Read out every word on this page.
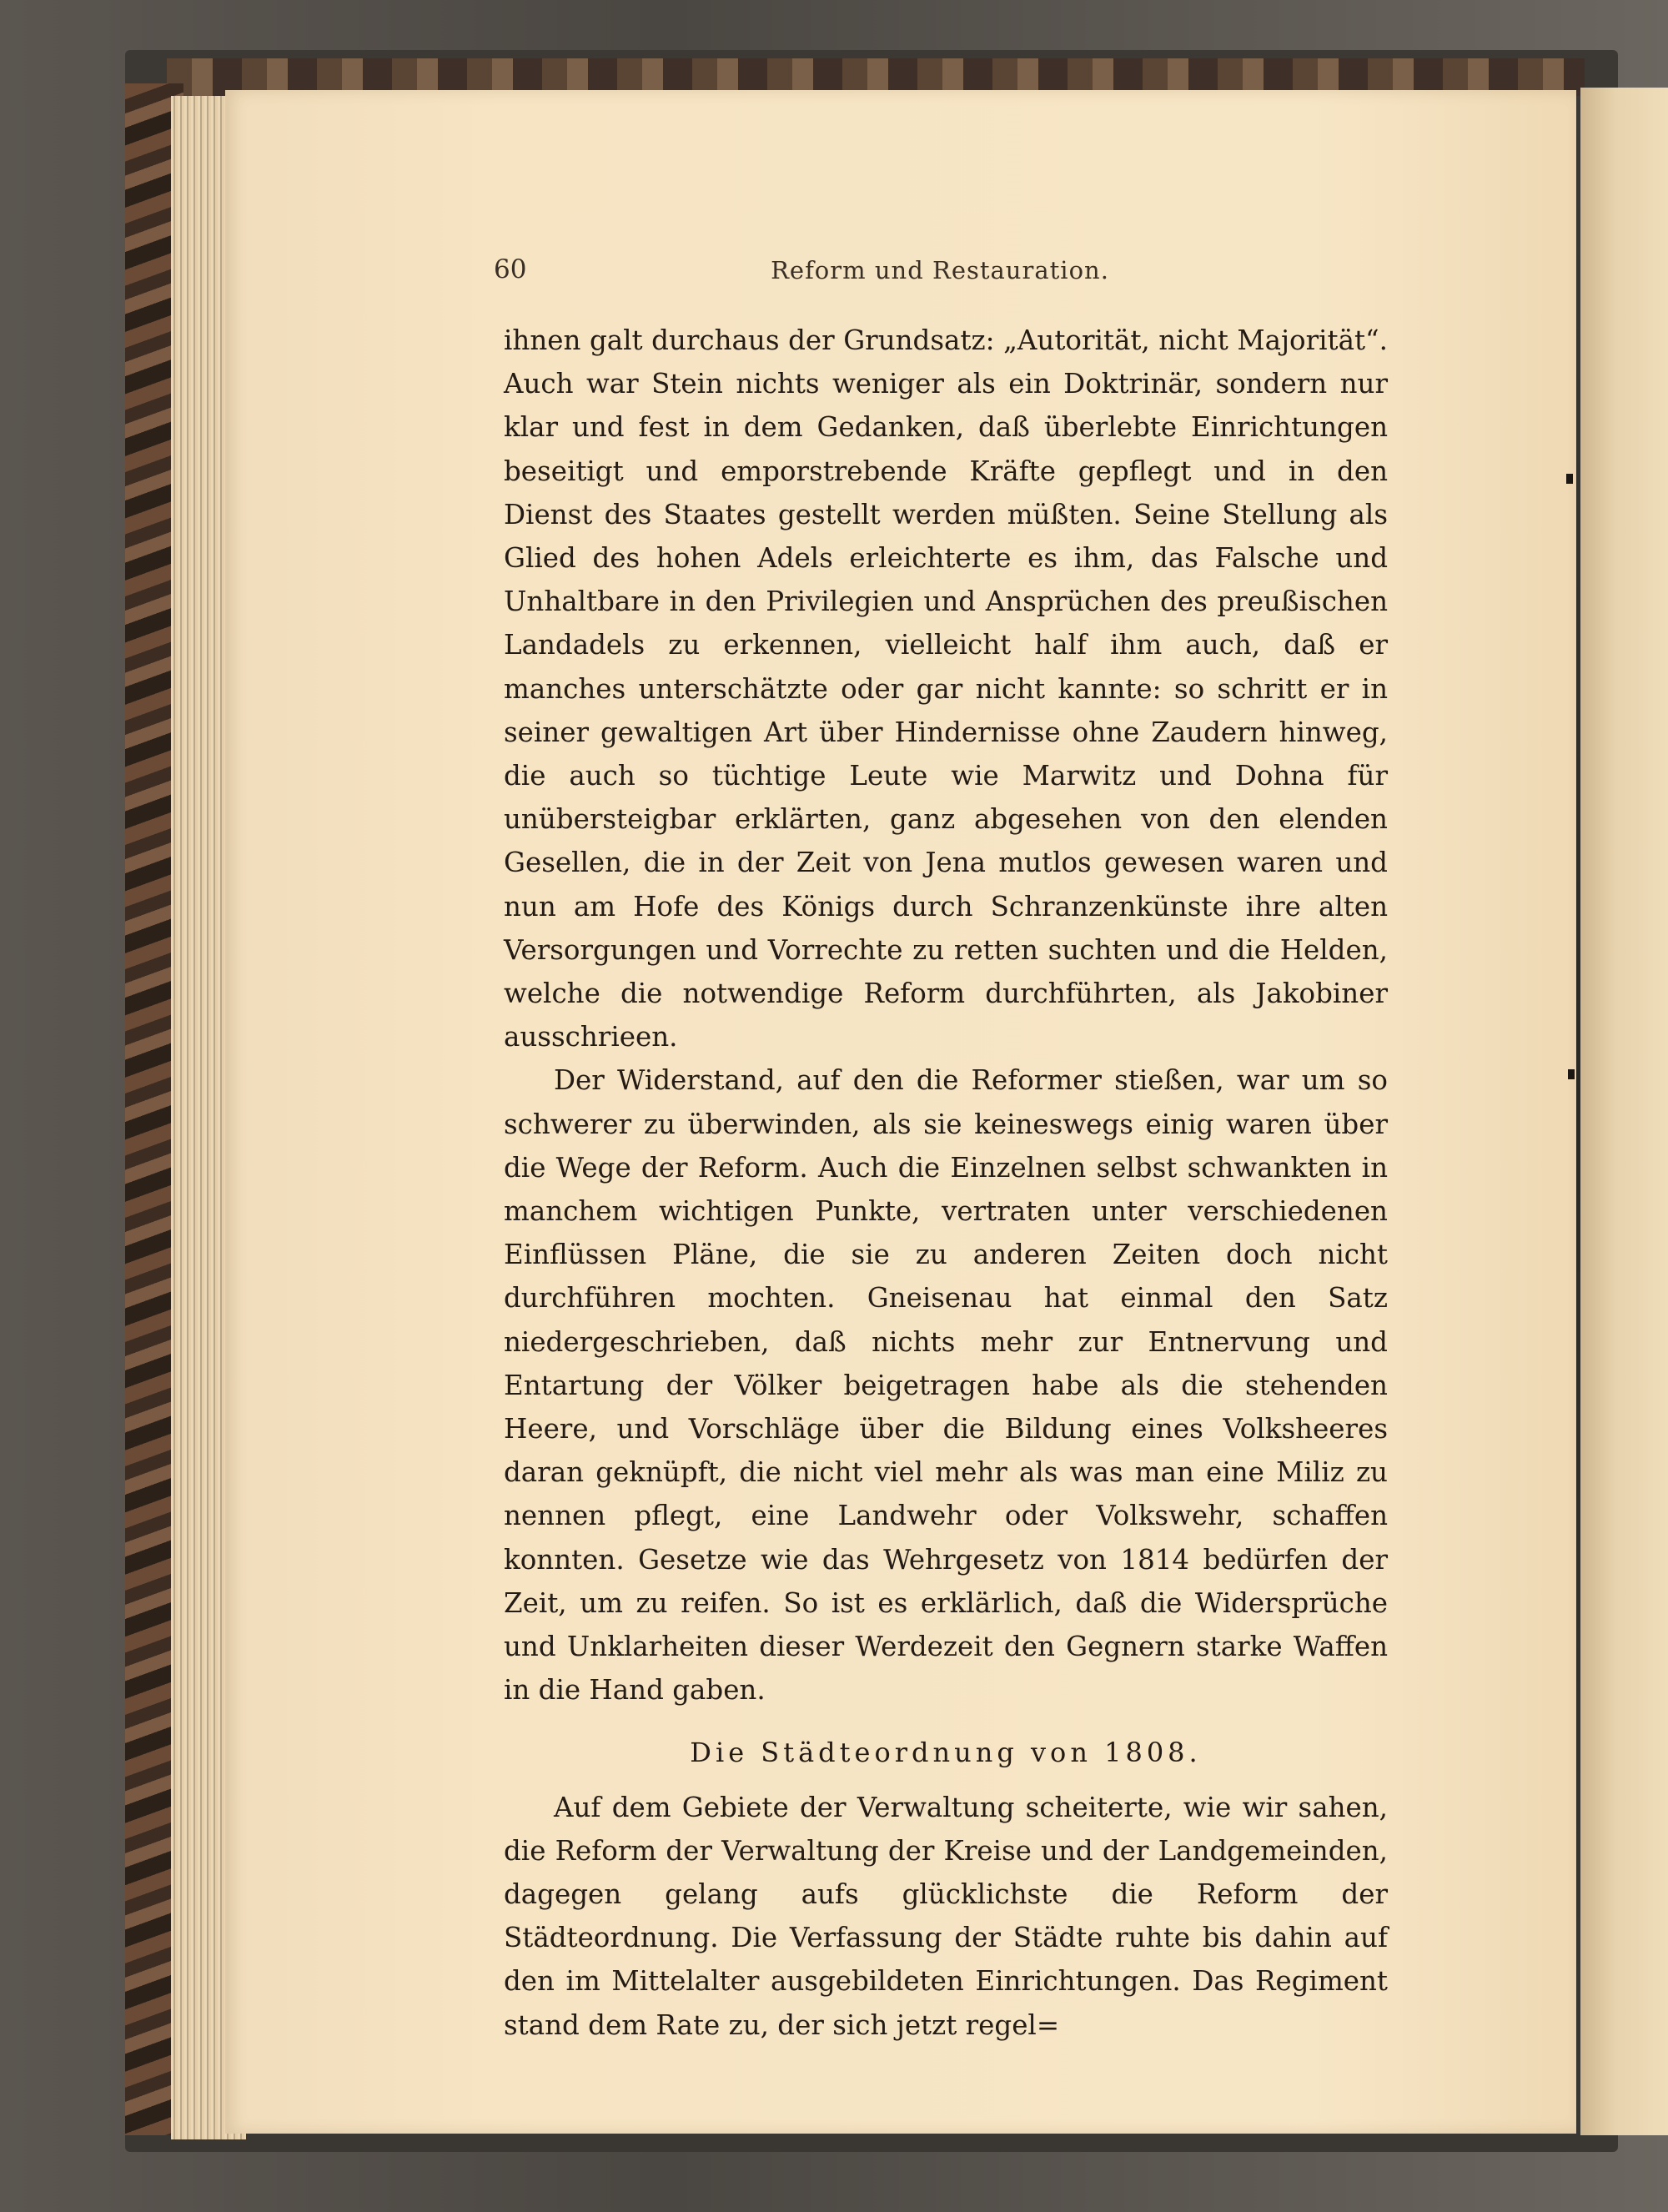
60	Reform und Restauration.

ihnen galt durchaus der Grundsatz: „Autorität, nicht Majorität“. Auch war Stein nichts weniger als ein Doktrinär, sondern nur klar und fest in dem Gedanken, daß überlebte Einrichtungen beseitigt und emporstrebende Kräfte gepflegt und in den Dienst des Staates gestellt werden müßten. Seine Stellung als Glied des hohen Adels erleichterte es ihm, das Falsche und Unhaltbare in den Privilegien und Ansprüchen des preußischen Landadels zu erkennen, vielleicht half ihm auch, daß er manches unterschätzte oder gar nicht kannte: so schritt er in seiner gewaltigen Art über Hindernisse ohne Zaudern hinweg, die auch so tüchtige Leute wie Marwitz und Dohna für unübersteigbar erklärten, ganz abgesehen von den elenden Gesellen, die in der Zeit von Jena mutlos gewesen waren und nun am Hofe des Königs durch Schranzenkünste ihre alten Versorgungen und Vorrechte zu retten suchten und die Helden, welche die notwendige Reform durchführten, als Jakobiner ausschrieen.

Der Widerstand, auf den die Reformer stießen, war um so schwerer zu überwinden, als sie keineswegs einig waren über die Wege der Reform. Auch die Einzelnen selbst schwankten in manchem wichtigen Punkte, vertraten unter verschiedenen Einflüssen Pläne, die sie zu anderen Zeiten doch nicht durchführen mochten. Gneisenau hat einmal den Satz niedergeschrieben, daß nichts mehr zur Entnervung und Entartung der Völker beigetragen habe als die stehenden Heere, und Vorschläge über die Bildung eines Volksheeres daran geknüpft, die nicht viel mehr als was man eine Miliz zu nennen pflegt, eine Landwehr oder Volkswehr, schaffen konnten. Gesetze wie das Wehrgesetz von 1814 bedürfen der Zeit, um zu reifen. So ist es erklärlich, daß die Widersprüche und Unklarheiten dieser Werdezeit den Gegnern starke Waffen in die Hand gaben.

Die Städteordnung von 1808.

Auf dem Gebiete der Verwaltung scheiterte, wie wir sahen, die Reform der Verwaltung der Kreise und der Landgemeinden, dagegen gelang aufs glücklichste die Reform der Städteordnung. Die Verfassung der Städte ruhte bis dahin auf den im Mittelalter ausgebildeten Einrichtungen. Das Regiment stand dem Rate zu, der sich jetzt regel=
